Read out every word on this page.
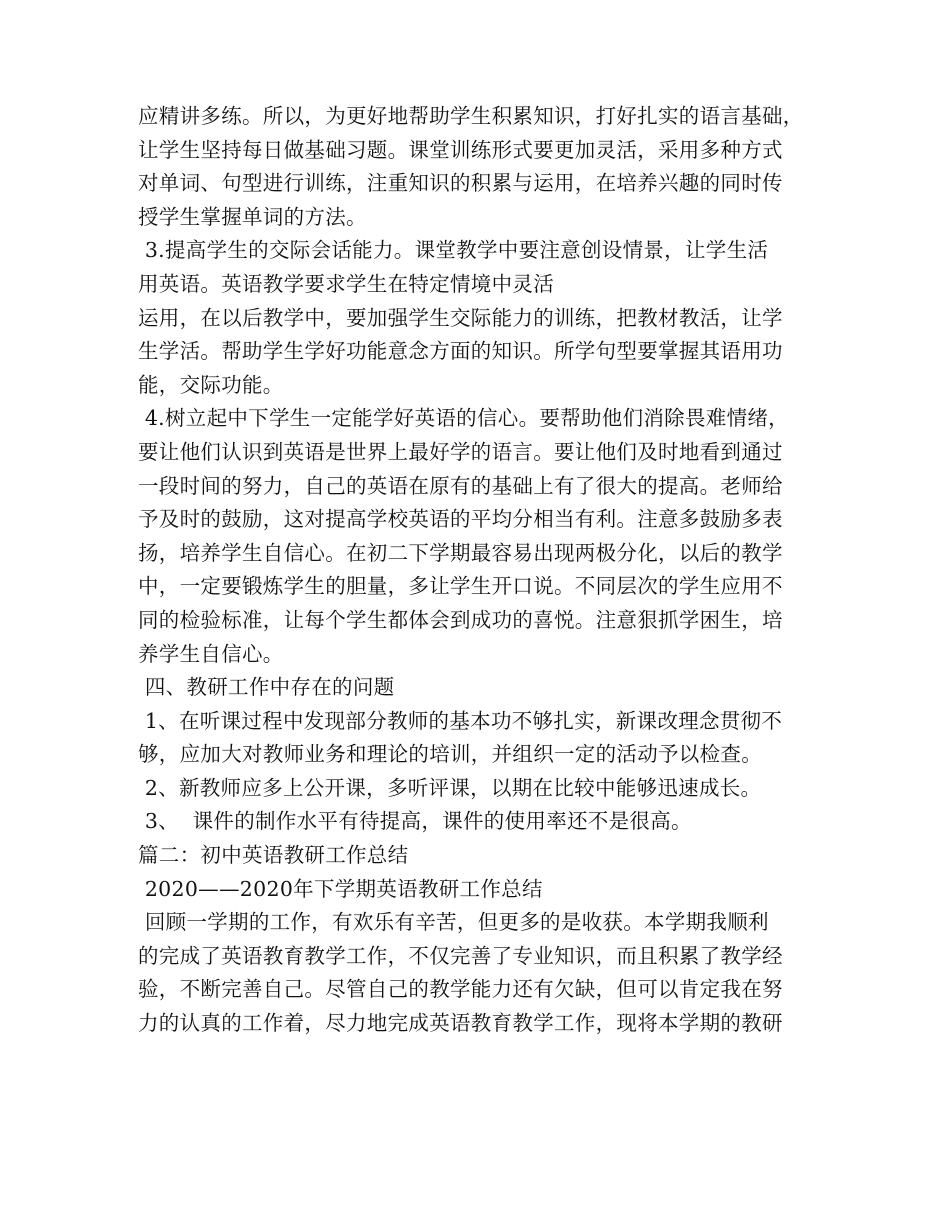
应精讲多练。所以，为更好地帮助学生积累知识，打好扎实的语言基础，
让学生坚持每日做基础习题。课堂训练形式要更加灵活，采用多种方式
对单词、句型进行训练，注重知识的积累与运用，在培养兴趣的同时传
授学生掌握单词的方法。
3.提高学生的交际会话能力。课堂教学中要注意创设情景，让学生活
用英语。英语教学要求学生在特定情境中灵活
运用，在以后教学中，要加强学生交际能力的训练，把教材教活，让学
生学活。帮助学生学好功能意念方面的知识。所学句型要掌握其语用功
能，交际功能。
4.树立起中下学生一定能学好英语的信心。要帮助他们消除畏难情绪，
要让他们认识到英语是世界上最好学的语言。要让他们及时地看到通过
一段时间的努力，自己的英语在原有的基础上有了很大的提高。老师给
予及时的鼓励，这对提高学校英语的平均分相当有利。注意多鼓励多表
扬，培养学生自信心。在初二下学期最容易出现两极分化，以后的教学
中，一定要锻炼学生的胆量，多让学生开口说。不同层次的学生应用不
同的检验标准，让每个学生都体会到成功的喜悦。注意狠抓学困生，培
养学生自信心。
四、教研工作中存在的问题
1、在听课过程中发现部分教师的基本功不够扎实，新课改理念贯彻不
够，应加大对教师业务和理论的培训，并组织一定的活动予以检查。
2、新教师应多上公开课，多听评课，以期在比较中能够迅速成长。
3、  课件的制作水平有待提高，课件的使用率还不是很高。
篇二：初中英语教研工作总结
2020——2020年下学期英语教研工作总结
回顾一学期的工作，有欢乐有辛苦，但更多的是收获。本学期我顺利
的完成了英语教育教学工作，不仅完善了专业知识，而且积累了教学经
验，不断完善自己。尽管自己的教学能力还有欠缺，但可以肯定我在努
力的认真的工作着，尽力地完成英语教育教学工作，现将本学期的教研
